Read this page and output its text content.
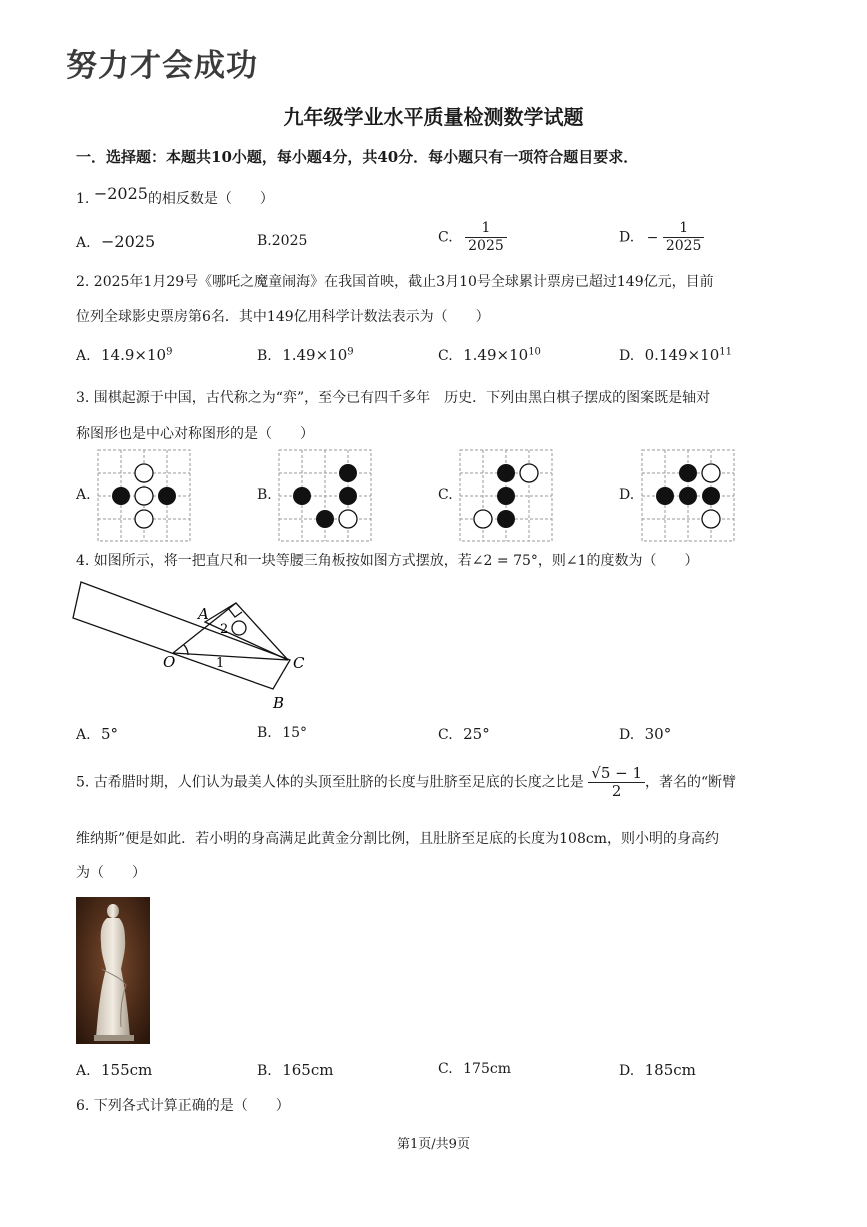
努力才会成功
九年级学业水平质量检测数学试题
一．选择题：本题共10小题，每小题4分，共40分．每小题只有一项符合题目要求．
1. −2025的相反数是（　　）
A. −2025	B.2025	C. $\frac{1}{2025}$	D. − $\frac{1}{2025}$
2. 2025年1月29号《哪吒之魔童闹海》在我国首映，截止3月10号全球累计票房已超过149亿元，目前
位列全球影史票房第6名．其中149亿用科学计数法表示为（　　）
A. $14.9\times 10^9$	B. $1.49\times 10^9$	C. $1.49\times 10^{10}$	D. $0.149\times 10^{11}$
3. 围棋起源于中国，古代称之为“弈”，至今已有四千多年　历史．下列由黑白棋子摆成的图案既是轴对
称图形也是中心对称图形的是（　　）
A.	B.	C.	D.
4. 如图所示，将一把直尺和一块等腰三角板按如图方式摆放，若∠2 = 75°，则∠1的度数为（　　）
A
O	C
B
1
2
A. 5°	B. 15°	C. 25°	D. 30°
5. 古希腊时期，人们认为最美人体的头顶至肚脐的长度与肚脐至足底的长度之比是 $\frac{√5 - 1}{2}$ ，著名的“断臂
维纳斯”便是如此．若小明的身高满足此黄金分割比例，且肚脐至足底的长度为108cm，则小明的身高约
为（　　）
A. 155cm	B. 165cm	C. 175cm	D. 185cm
6. 下列各式计算正确的是（　　）
第1页/共9页
